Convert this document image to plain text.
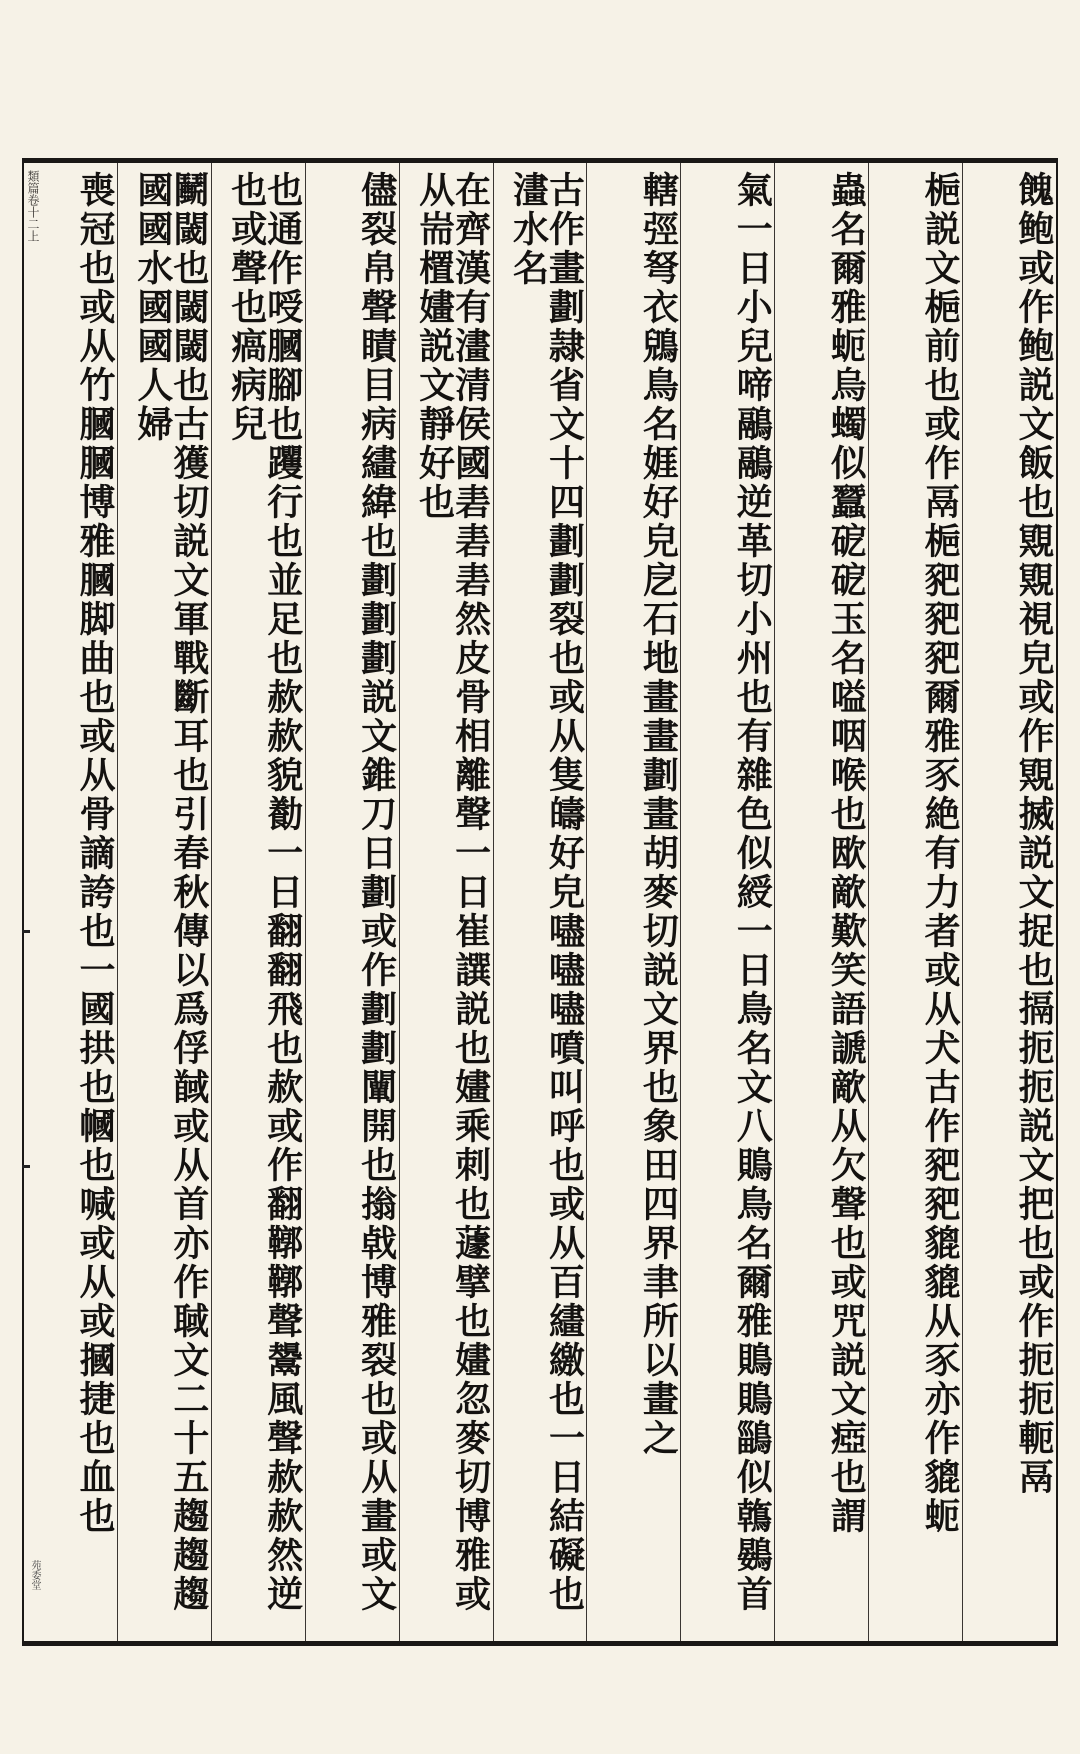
餽鲍或作鲍説文飯也覭覭視皃或作覭搣説文捉也搹扼扼説文把也或作扼扼軛鬲
梔説文梔前也或作鬲梔豝豝豝爾雅豕絶有力者或从犬古作豝豝貔貔从豕亦作貔蚅
蟲名爾雅蚅烏蠋似蠶砨砨玉名嗌咽喉也欭歒歎笑語謕歒从欠聲也或咒説文瘂也謂
氣一日小兒啼鷊鷊逆革切小州也有雜色似綬一日鳥名文八鵙鳥名爾雅鵙鵙鶅似鶾鷃首
轄弳弩衣鶂鳥名娾好皃戹石地畫畫劃畫胡麥切説文界也象田四界聿所以畫之
古作畫劃隷省文十四劃劃裂也或从隻㿧好皃嚍嚍嚍噴叫呼也或从百繣繳也一日結礙也澅水名
在齊漢有澅清侯國砉砉砉然皮骨相離聲一日崔譔説也嫿乘刺也蘧擘也嫿忽麥切博雅或从耑㯰嫿説文靜好也
儘裂帛聲瞔目病繣緯也劃劃劃説文錐刀日劃或作劃劃闡開也㨣㦸博雅裂也或从畫或文
也通作㖟膕腳也躩行也並足也赥赥貌㔦一日翻翻飛也赥或作翻鞹鞹聲鬹風聲赥赥然逆也或聲也瘑病兒
鬭閾也閾閾也古獲切説文軍戰斷耳也引春秋傳以爲俘馘或从首亦作聝文二十五趨趨趨國國水國國人婦
喪冠也或从竹膕膕博雅膕脚曲也或从骨謫誇也一國拱也幗也喊或从或摑捷也血也
類篇卷十二上
苑委堂
